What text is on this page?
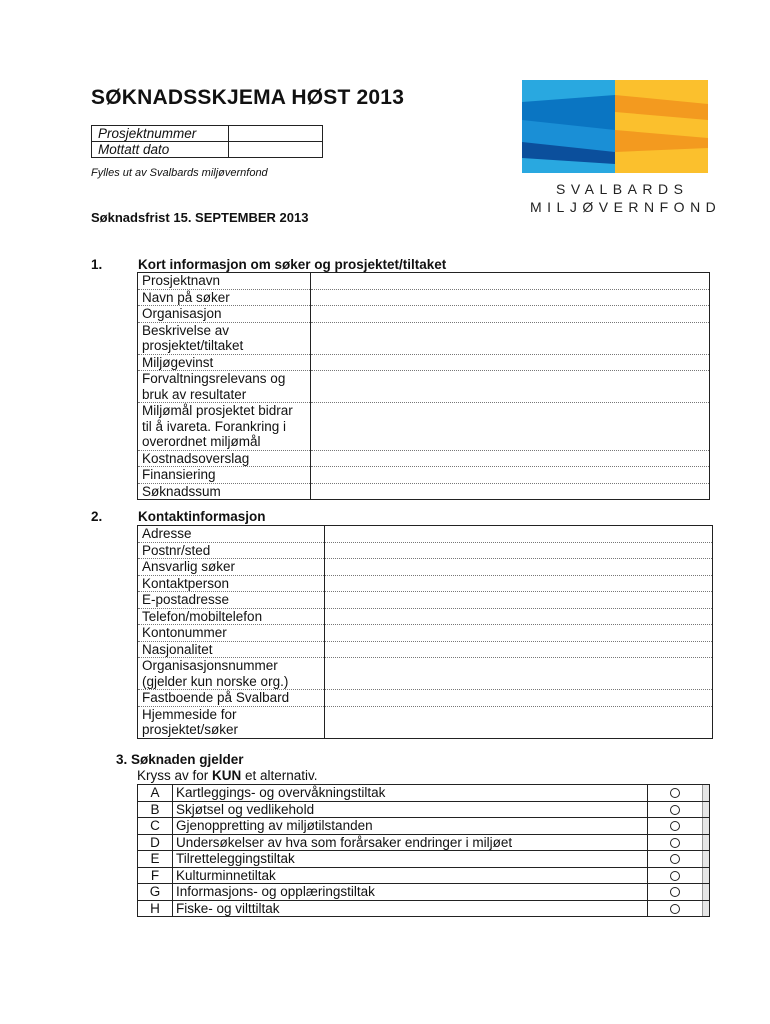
SØKNADSSKJEMA HØST 2013
Prosjektnummer	
Mottatt dato	
Fylles ut av Svalbards miljøvernfond
Søknadsfrist 15. SEPTEMBER 2013
SVALBARDS
MILJØVERNFOND
1.	Kort informasjon om søker og prosjektet/tiltaket
Prosjektnavn	
Navn på søker	
Organisasjon	
Beskrivelse av prosjektet/tiltaket	
Miljøgevinst	
Forvaltningsrelevans og bruk av resultater	
Miljømål prosjektet bidrar til å ivareta. Forankring i overordnet miljømål	
Kostnadsoverslag	
Finansiering	
Søknadssum	
2.	Kontaktinformasjon
Adresse	
Postnr/sted	
Ansvarlig søker	
Kontaktperson	
E-postadresse	
Telefon/mobiltelefon	
Kontonummer	
Nasjonalitet	
Organisasjonsnummer (gjelder kun norske org.)	
Fastboende på Svalbard	
Hjemmeside for prosjektet/søker	
3. Søknaden gjelder
Kryss av for KUN et alternativ.
A	Kartleggings- og overvåkningstiltak		
B	Skjøtsel og vedlikehold		
C	Gjenoppretting av miljøtilstanden		
D	Undersøkelser av hva som forårsaker endringer i miljøet		
E	Tilretteleggingstiltak		
F	Kulturminnetiltak		
G	Informasjons- og opplæringstiltak		
H	Fiske- og vilttiltak		
